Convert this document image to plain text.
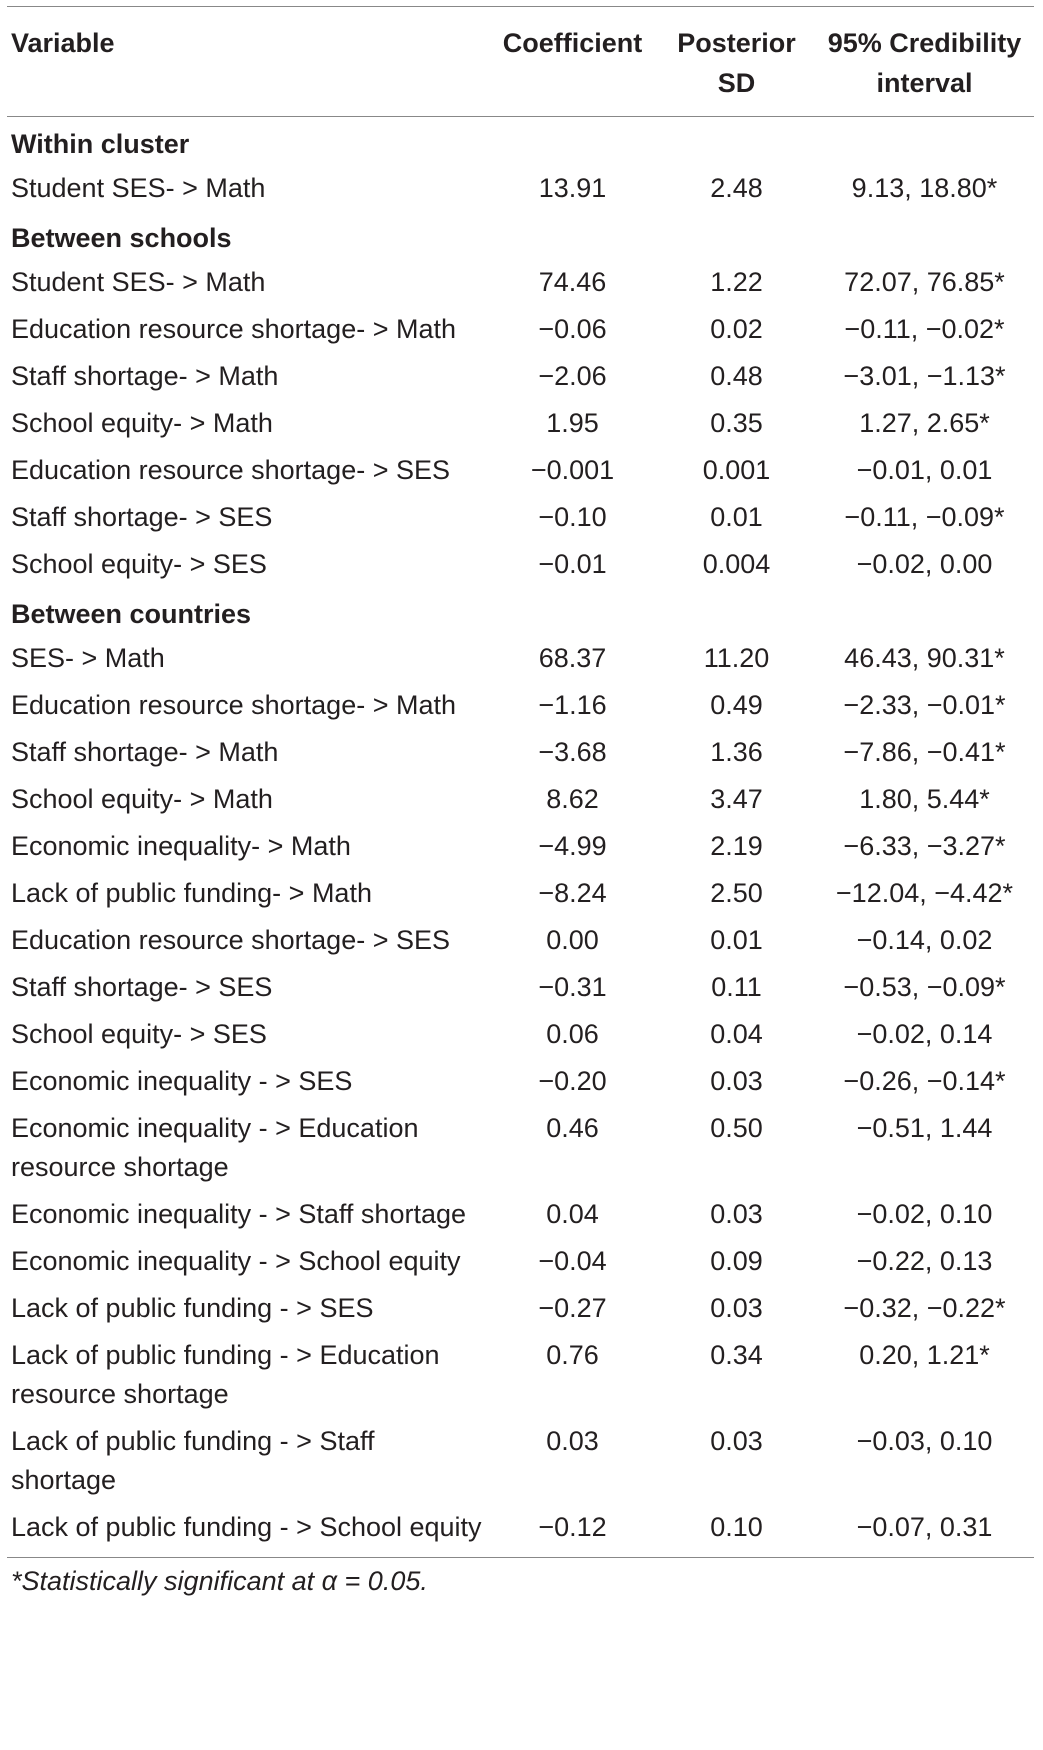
Variable	Coefficient	Posterior SD	95% Credibility interval
Within cluster			
Student SES- > Math	13.91	2.48	9.13, 18.80*
Between schools			
Student SES- > Math	74.46	1.22	72.07, 76.85*
Education resource shortage- > Math	−0.06	0.02	−0.11, −0.02*
Staff shortage- > Math	−2.06	0.48	−3.01, −1.13*
School equity- > Math	1.95	0.35	1.27, 2.65*
Education resource shortage- > SES	−0.001	0.001	−0.01, 0.01
Staff shortage- > SES	−0.10	0.01	−0.11, −0.09*
School equity- > SES	−0.01	0.004	−0.02, 0.00
Between countries			
SES- > Math	68.37	11.20	46.43, 90.31*
Education resource shortage- > Math	−1.16	0.49	−2.33, −0.01*
Staff shortage- > Math	−3.68	1.36	−7.86, −0.41*
School equity- > Math	8.62	3.47	1.80, 5.44*
Economic inequality- > Math	−4.99	2.19	−6.33, −3.27*
Lack of public funding- > Math	−8.24	2.50	−12.04, −4.42*
Education resource shortage- > SES	0.00	0.01	−0.14, 0.02
Staff shortage- > SES	−0.31	0.11	−0.53, −0.09*
School equity- > SES	0.06	0.04	−0.02, 0.14
Economic inequality - > SES	−0.20	0.03	−0.26, −0.14*
Economic inequality - > Education resource shortage	0.46	0.50	−0.51, 1.44
Economic inequality - > Staff shortage	0.04	0.03	−0.02, 0.10
Economic inequality - > School equity	−0.04	0.09	−0.22, 0.13
Lack of public funding - > SES	−0.27	0.03	−0.32, −0.22*
Lack of public funding - > Education resource shortage	0.76	0.34	0.20, 1.21*
Lack of public funding - > Staff shortage	0.03	0.03	−0.03, 0.10
Lack of public funding - > School equity	−0.12	0.10	−0.07, 0.31
*Statistically significant at α = 0.05.
